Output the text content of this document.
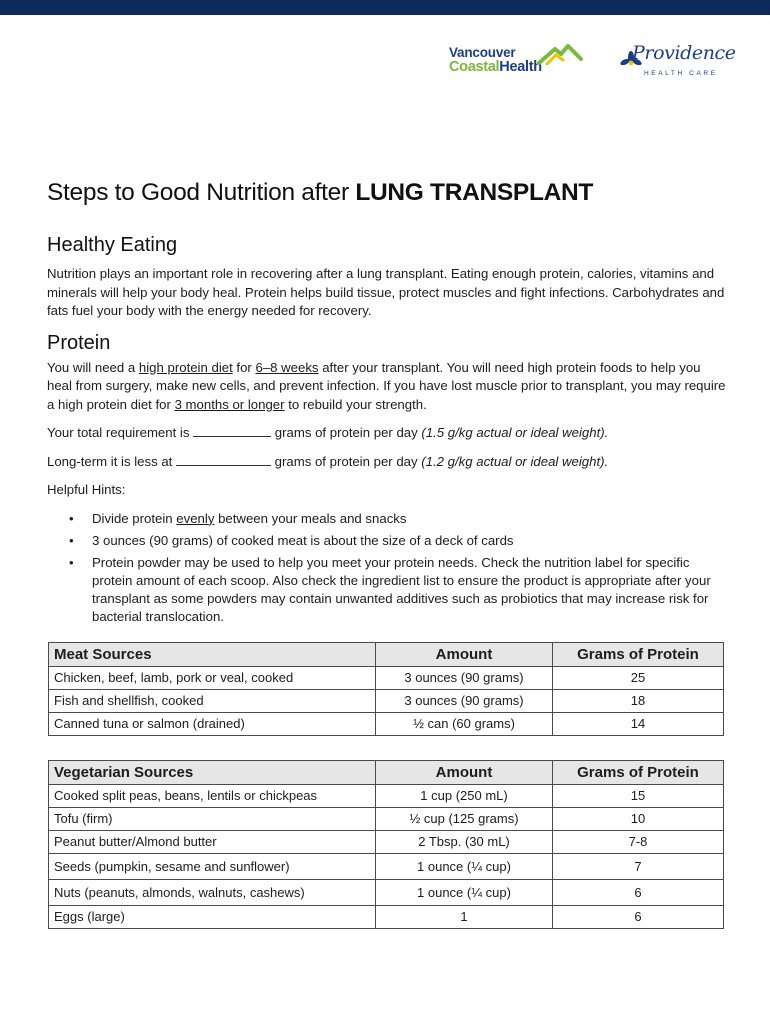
Vancouver
CoastalHealth
Providence
HEALTH CARE
Steps to Good Nutrition after LUNG TRANSPLANT
Healthy Eating

Nutrition plays an important role in recovering after a lung transplant. Eating enough protein, calories, vitamins and minerals will help your body heal. Protein helps build tissue, protect muscles and fight infections. Carbohydrates and fats fuel your body with the energy needed for recovery.

Protein

You will need a high protein diet for 6–8 weeks after your transplant. You will need high protein foods to help you heal from surgery, make new cells, and prevent infection. If you have lost muscle prior to transplant, you may require a high protein diet for 3 months or longer to rebuild your strength.

Your total requirement is	grams of protein per day (1.5 g/kg actual or ideal weight).

Long-term it is less at	grams of protein per day (1.2 g/kg actual or ideal weight).

Helpful Hints:

• Divide protein evenly between your meals and snacks
• 3 ounces (90 grams) of cooked meat is about the size of a deck of cards
• Protein powder may be used to help you meet your protein needs. Check the nutrition label for specific protein amount of each scoop. Also check the ingredient list to ensure the product is appropriate after your transplant as some powders may contain unwanted additives such as probiotics that may increase risk for bacterial translocation.
Meat Sources	Amount	Grams of Protein
Chicken, beef, lamb, pork or veal, cooked	3 ounces (90 grams)	25
Fish and shellfish, cooked	3 ounces (90 grams)	18
Canned tuna or salmon (drained)	½ can (60 grams)	14
Vegetarian Sources	Amount	Grams of Protein
Cooked split peas, beans, lentils or chickpeas	1 cup (250 mL)	15
Tofu (firm)	½ cup (125 grams)	10
Peanut butter/Almond butter	2 Tbsp. (30 mL)	7-8
Seeds (pumpkin, sesame and sunflower)	1 ounce (¼ cup)	7
Nuts (peanuts, almonds, walnuts, cashews)	1 ounce (¼ cup)	6
Eggs (large)	1	6
